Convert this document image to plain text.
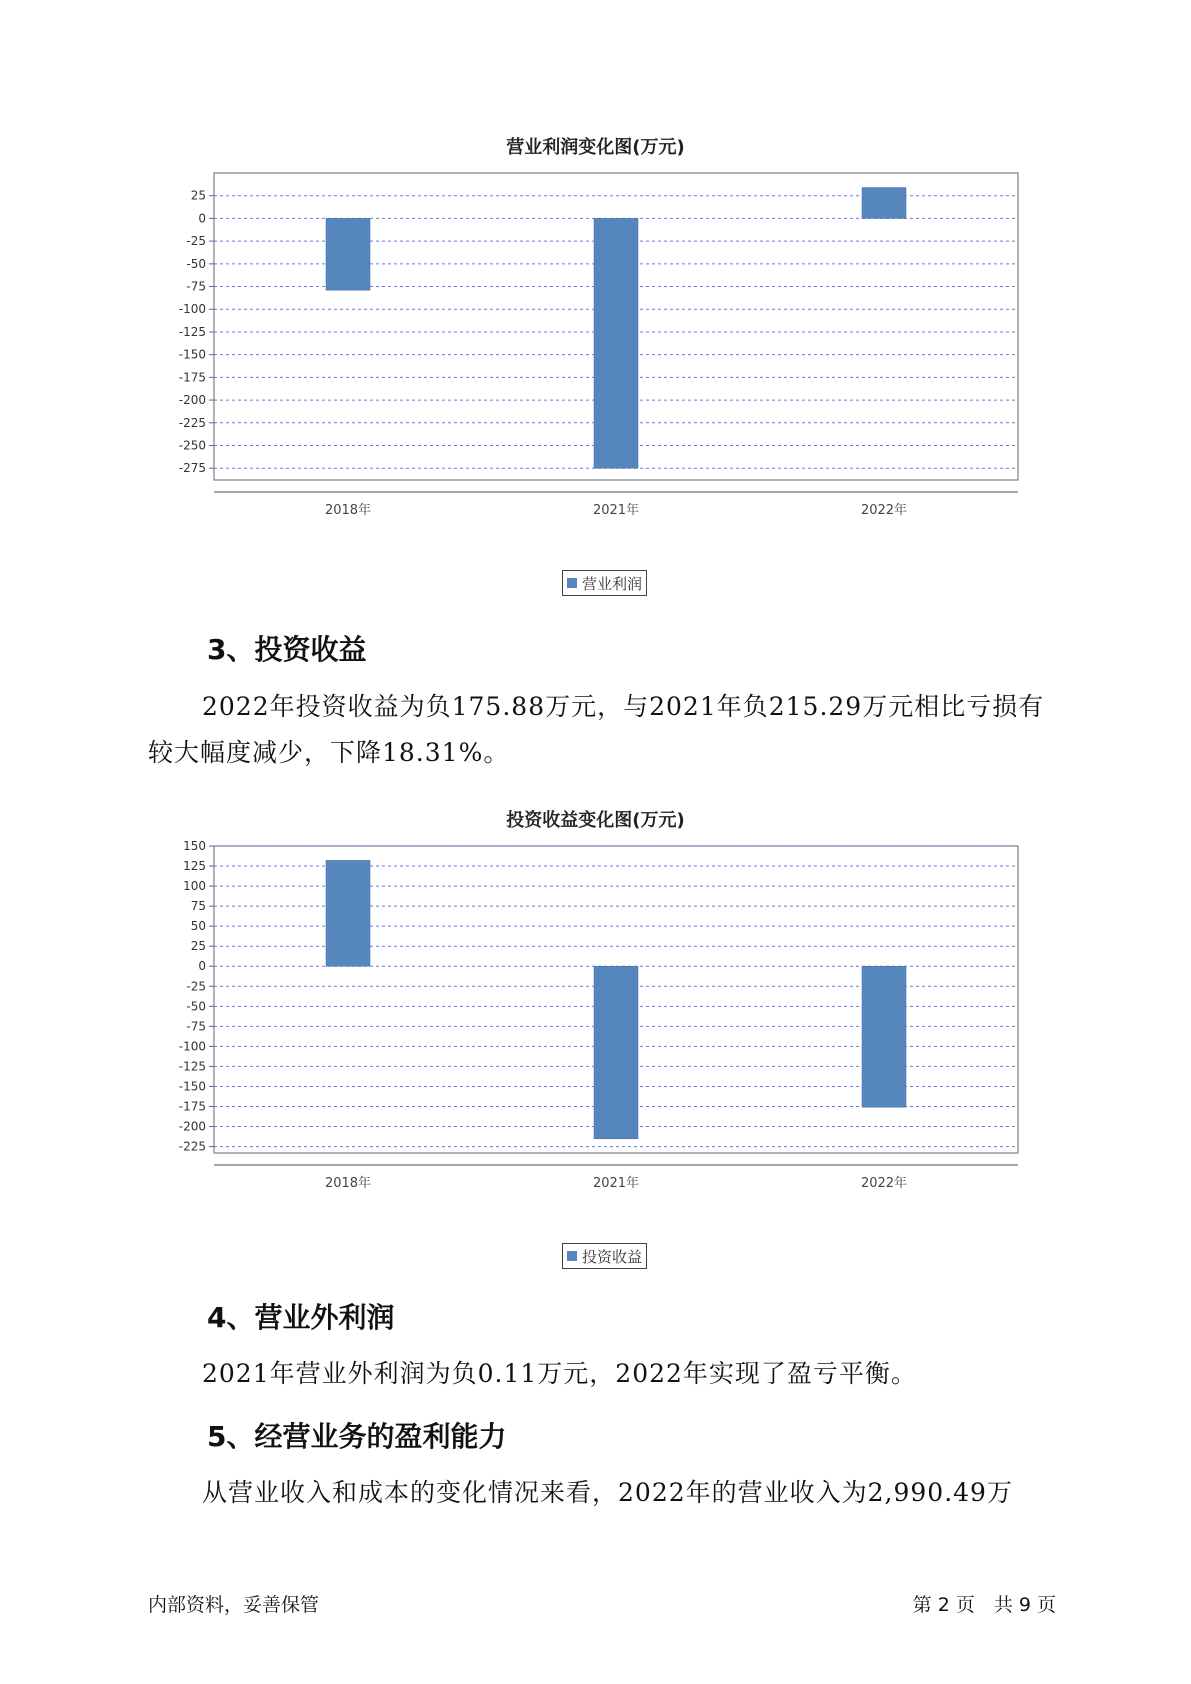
营业利润变化图(万元)
25
0
-25
-50
-75
-100
-125
-150
-175
-200
-225
-250
-275
2018年	2021年	2022年
营业利润
3、投资收益

2022年投资收益为负175.88万元，与2021年负215.29万元相比亏损有
较大幅度减少，下降18.31%。

投资收益变化图(万元)
150
125
100
75
50
25
0
-25
-50
-75
-100
-125
-150
-175
-200
-225
2018年	2021年	2022年
投资收益
4、营业外利润

2021年营业外利润为负0.11万元，2022年实现了盈亏平衡。

5、经营业务的盈利能力

从营业收入和成本的变化情况来看，2022年的营业收入为2,990.49万

内部资料，妥善保管	第 2 页　共 9 页
